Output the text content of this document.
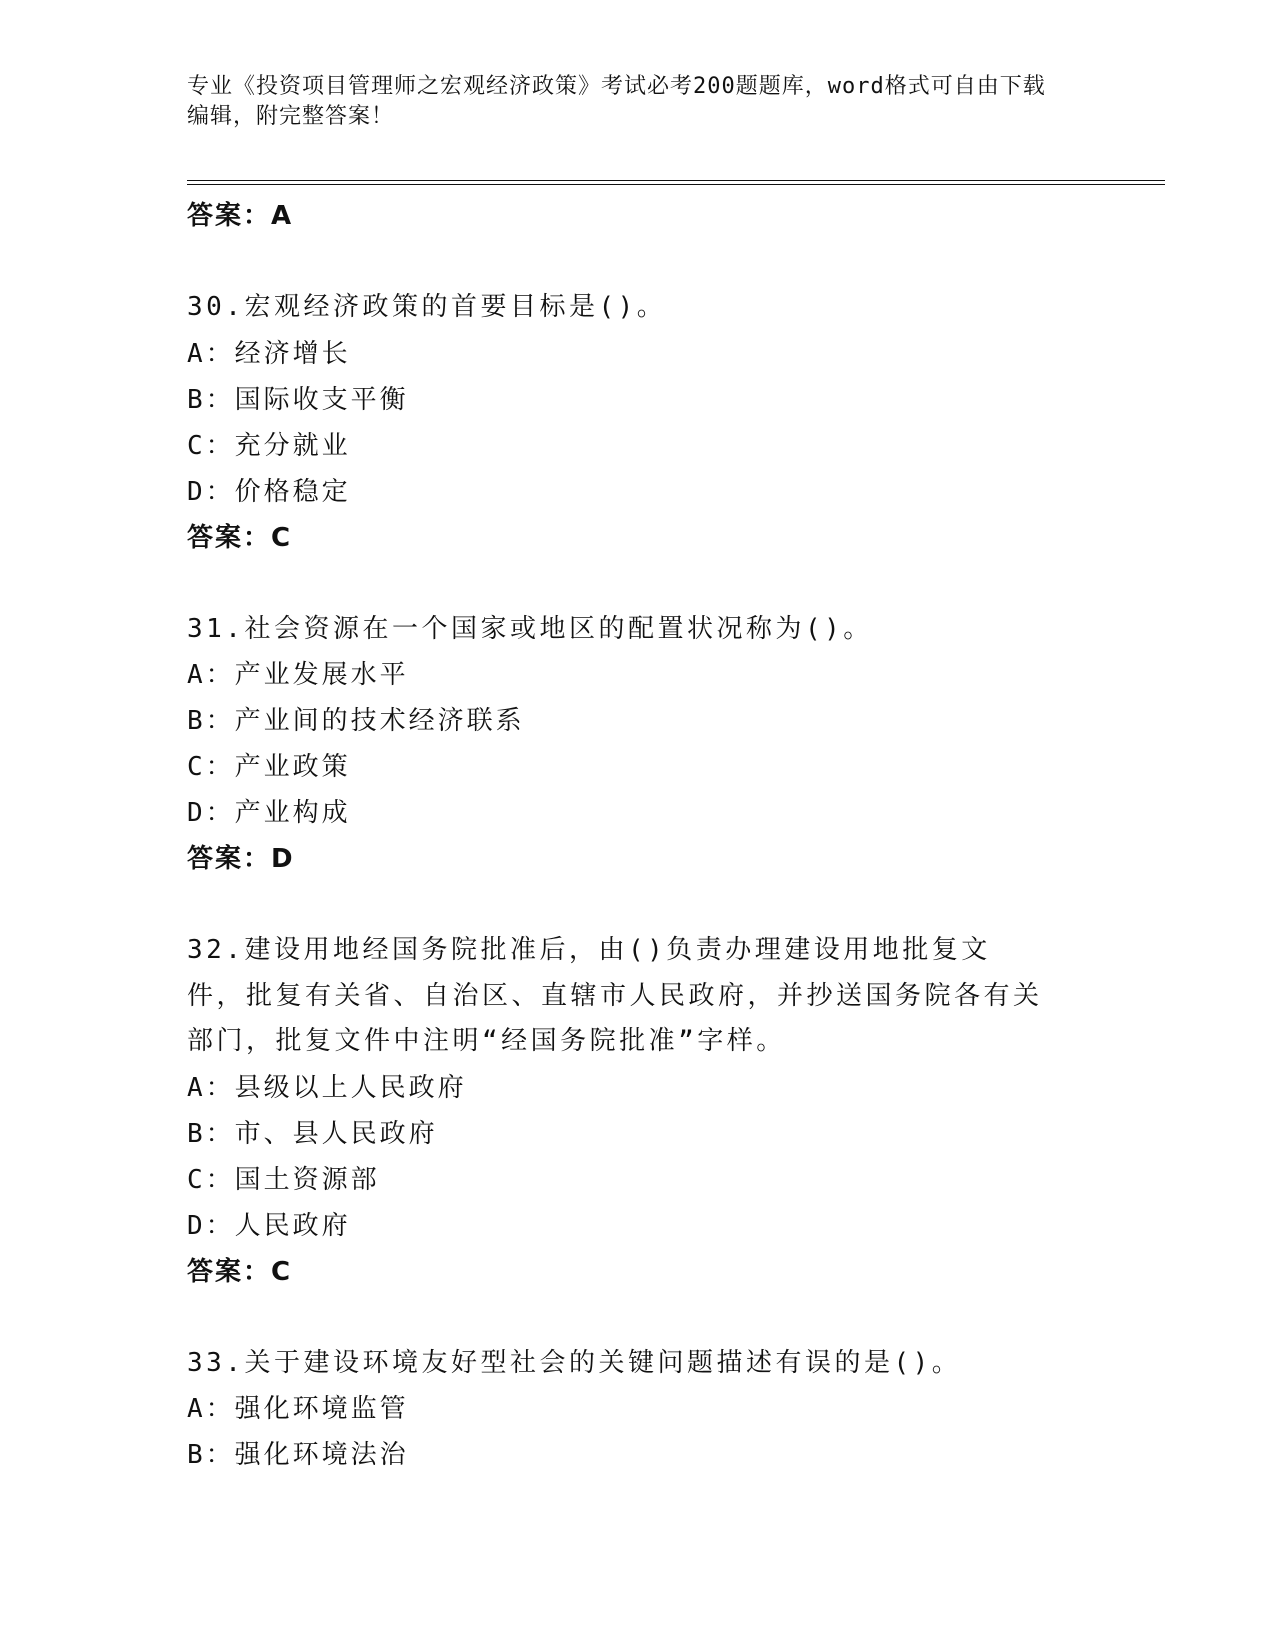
专业《投资项目管理师之宏观经济政策》考试必考200题题库，word格式可自由下载编辑，附完整答案！

答案：A

30.宏观经济政策的首要目标是()。

A：经济增长

B：国际收支平衡

C：充分就业

D：价格稳定

答案：C

31.社会资源在一个国家或地区的配置状况称为()。

A：产业发展水平

B：产业间的技术经济联系

C：产业政策

D：产业构成

答案：D

32.建设用地经国务院批准后，由()负责办理建设用地批复文件，批复有关省、自治区、直辖市人民政府，并抄送国务院各有关部门，批复文件中注明“经国务院批准”字样。

A：县级以上人民政府

B：市、县人民政府

C：国土资源部

D：人民政府

答案：C

33.关于建设环境友好型社会的关键问题描述有误的是()。

A：强化环境监管

B：强化环境法治
